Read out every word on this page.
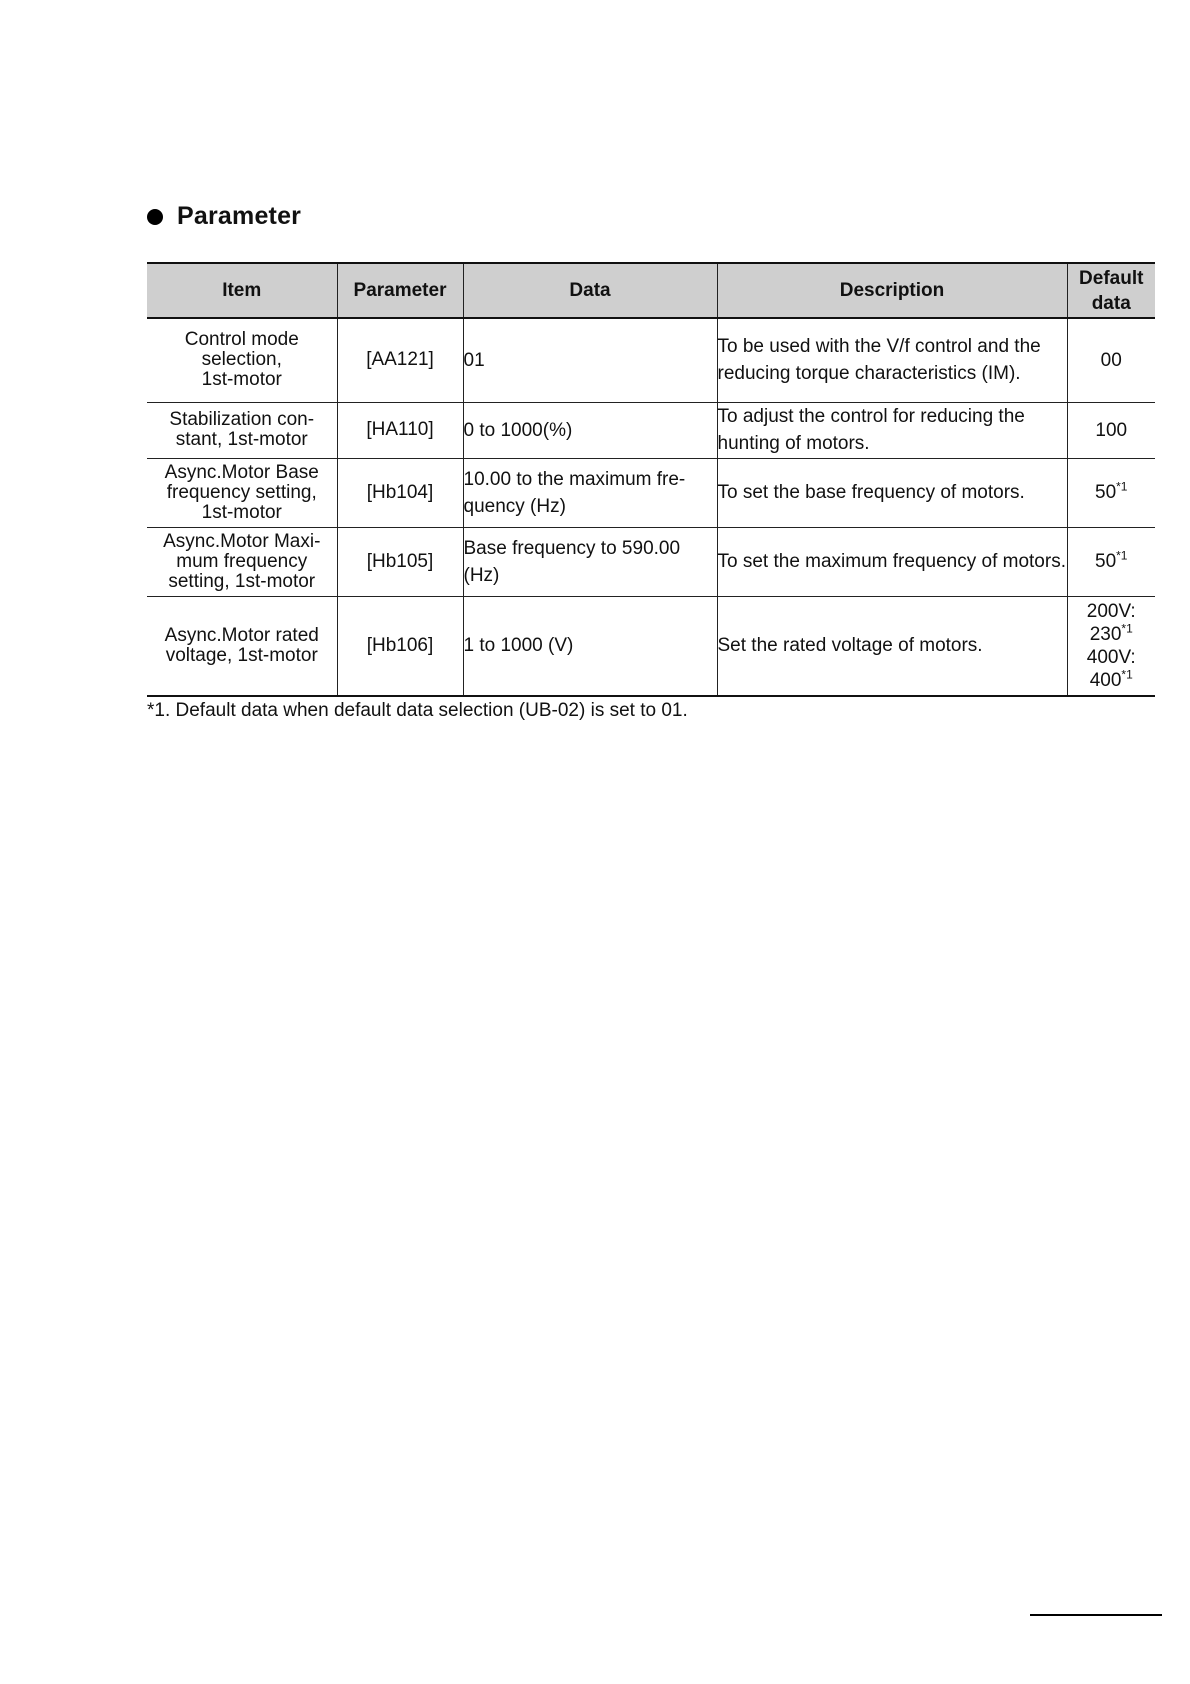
Parameter
Item	Parameter	Data	Description	Default
data
Control mode
selection,
1st-motor	[AA121]	01	To be used with the V/f control and the reducing torque characteristics (IM).	00
Stabilization con-
stant, 1st-motor	[HA110]	0 to 1000(%)	To adjust the control for reducing the hunting of motors.	100
Async.Motor Base
frequency setting,
1st-motor	[Hb104]	10.00 to the maximum fre-quency (Hz)	To set the base frequency of motors.	50$^{*1}$
Async.Motor Maxi-
mum frequency
setting, 1st-motor	[Hb105]	Base frequency to 590.00 (Hz)	To set the maximum frequency of motors.	50$^{*1}$
Async.Motor rated
voltage, 1st-motor	[Hb106]	1 to 1000 (V)	Set the rated voltage of motors.	200V:
230$^{*1}$
400V:
400$^{*1}$
*1. Default data when default data selection (UB-02) is set to 01.
